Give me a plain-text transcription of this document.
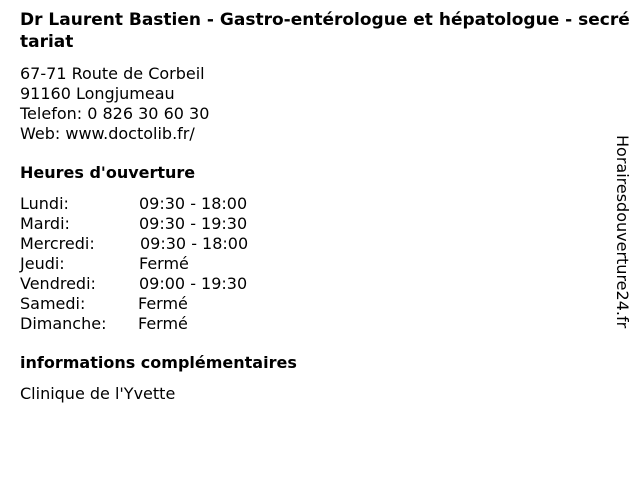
Dr Laurent Bastien - Gastro-entérologue et hépatologue - secrétariat
67-71 Route de Corbeil
91160 Longjumeau
Telefon: 0 826 30 60 30
Web: www.doctolib.fr/
Heures d'ouverture
Lundi:	09:30 - 18:00
Mardi:	09:30 - 19:30
Mercredi:	09:30 - 18:00
Jeudi:	Fermé
Vendredi:	09:00 - 19:30
Samedi:	Fermé
Dimanche: Fermé
informations complémentaires
Clinique de l'Yvette
Horairesdouverture24.fr
